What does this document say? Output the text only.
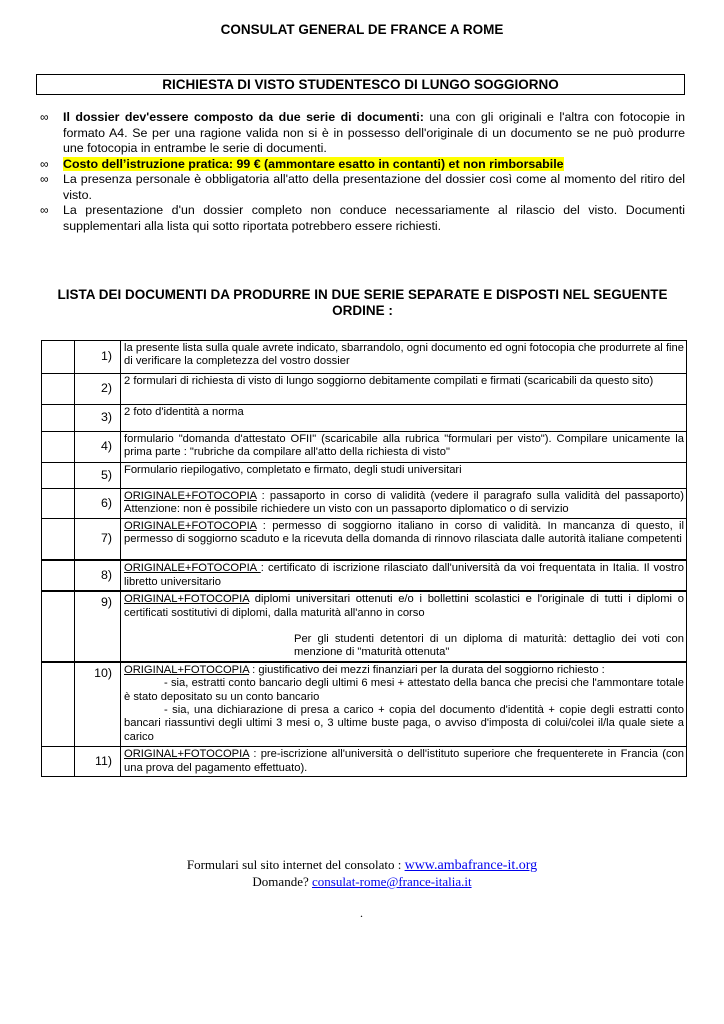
CONSULAT GENERAL DE FRANCE A ROME
RICHIESTA DI VISTO STUDENTESCO DI LUNGO SOGGIORNO
∞ Il dossier dev'essere composto da due serie di documenti: una con gli originali e l'altra con fotocopie in formato A4. Se per una ragione valida non si è in possesso dell'originale di un documento se ne può produrre une fotocopia in entrambe le serie di documenti.
∞ Costo dell’istruzione pratica: 99 € (ammontare esatto in contanti) et non rimborsabile
∞ La presenza personale è obbligatoria all'atto della presentazione del dossier così come al momento del ritiro del visto.
∞ La presentazione d'un dossier completo non conduce necessariamente al rilascio del visto. Documenti supplementari alla lista qui sotto riportata potrebbero essere richiesti.
LISTA DEI DOCUMENTI DA PRODURRE IN DUE SERIE SEPARATE E DISPOSTI NEL SEGUENTE ORDINE :
	1)	la presente lista sulla quale avrete indicato, sbarrandolo, ogni documento ed ogni fotocopia che produrrete al fine di verificare la completezza del vostro dossier
	2)	2 formulari di richiesta di visto di lungo soggiorno debitamente compilati e firmati (scaricabili da questo sito)
	3)	2 foto d'identità a norma
	4)	formulario "domanda d'attestato OFII" (scaricabile alla rubrica "formulari per visto"). Compilare unicamente la prima parte : "rubriche da compilare all'atto della richiesta di visto"
	5)	Formulario riepilogativo, completato e firmato, degli studi universitari
	6)	ORIGINALE+FOTOCOPIA : passaporto in corso di validità (vedere il paragrafo sulla validità del passaporto) Attenzione: non è possibile richiedere un visto con un passaporto diplomatico o di servizio
	7)	ORIGINALE+FOTOCOPIA : permesso di soggiorno italiano in corso di validità. In mancanza di questo, il permesso di soggiorno scaduto e la ricevuta della domanda di rinnovo rilasciata dalle autorità italiane competenti
	8)	ORIGINALE+FOTOCOPIA : certificato di iscrizione rilasciato dall'università da voi frequentata in Italia. Il vostro libretto universitario
	9)	ORIGINAL+FOTOCOPIA diplomi universitari ottenuti e/o i bollettini scolastici e l'originale di tutti i diplomi o certificati sostitutivi di diplomi, dalla maturità all'anno in corso
Per gli studenti detentori di un diploma di maturità: dettaglio dei voti con menzione di "maturità ottenuta"

	10)	ORIGINAL+FOTOCOPIA : giustificativo dei mezzi finanziari per la durata del soggiorno richiesto :
- sia, estratti conto bancario degli ultimi 6 mesi + attestato della banca che precisi che l'ammontare totale è stato depositato su un conto bancario
- sia, una dichiarazione di presa a carico + copia del documento d'identità + copie degli estratti conto bancari riassuntivi degli ultimi 3 mesi o, 3 ultime buste paga, o avviso d'imposta di colui/colei il/la quale siete a carico

	11)	ORIGINAL+FOTOCOPIA : pre-iscrizione all'università o dell'istituto superiore che frequenterete in Francia (con una prova del pagamento effettuato).
Formulari sul sito internet del consolato : www.ambafrance-it.org
Domande? consulat-rome@france-italia.it
.
